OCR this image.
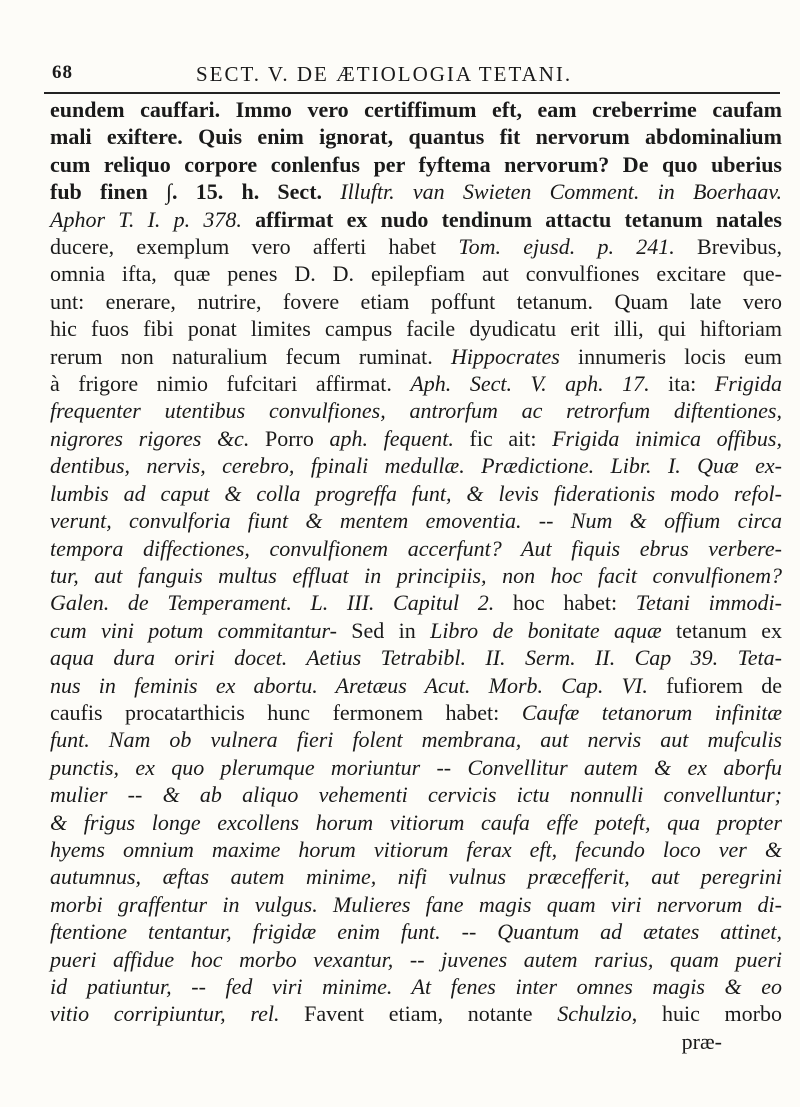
68	SECT. V. DE ÆTIOLOGIA TETANI.
eundem cauffari. Immo vero certiffimum eft, eam creberrime caufam
mali exiftere. Quis enim ignorat, quantus fit nervorum abdominalium
cum reliquo corpore conlenfus per fyftema nervorum? De quo uberius
fub finen ∫. 15. h. Sect. Illuftr. van Swieten Comment. in Boerhaav.
Aphor T. I. p. 378. affirmat ex nudo tendinum attactu tetanum natales
ducere, exemplum vero afferti habet Tom. ejusd. p. 241. Brevibus,
omnia ifta, quæ penes D. D. epilepfiam aut convulfiones excitare que-
unt: enerare, nutrire, fovere etiam poffunt tetanum. Quam late vero
hic fuos fibi ponat limites campus facile dyudicatu erit illi, qui hiftoriam
rerum non naturalium fecum ruminat. Hippocrates innumeris locis eum
à frigore nimio fufcitari affirmat. Aph. Sect. V. aph. 17. ita: Frigida
frequenter utentibus convulfiones, antrorfum ac retrorfum diftentiones,
nigrores rigores &c. Porro aph. fequent. fic ait: Frigida inimica offibus,
dentibus, nervis, cerebro, fpinali medullæ. Prædictione. Libr. I. Quæ ex-
lumbis ad caput & colla progreffa funt, & levis fiderationis modo refol-
verunt, convulforia fiunt & mentem emoventia. -- Num & offium circa
tempora diffectiones, convulfionem accerfunt? Aut fiquis ebrus verbere-
tur, aut fanguis multus effluat in principiis, non hoc facit convulfionem?
Galen. de Temperament. L. III. Capitul 2. hoc habet: Tetani immodi-
cum vini potum commitantur- Sed in Libro de bonitate aquæ tetanum ex
aqua dura oriri docet. Aetius Tetrabibl. II. Serm. II. Cap 39. Teta-
nus in feminis ex abortu. Aretæus Acut. Morb. Cap. VI. fufiorem de
caufis procatarthicis hunc fermonem habet: Caufæ tetanorum infinitæ
funt. Nam ob vulnera fieri folent membrana, aut nervis aut mufculis
punctis, ex quo plerumque moriuntur -- Convellitur autem & ex aborfu
mulier -- & ab aliquo vehementi cervicis ictu nonnulli convelluntur;
& frigus longe excollens horum vitiorum caufa effe poteft, qua propter
hyems omnium maxime horum vitiorum ferax eft, fecundo loco ver &
autumnus, æftas autem minime, nifi vulnus præcefferit, aut peregrini
morbi graffentur in vulgus. Mulieres fane magis quam viri nervorum di-
ftentione tentantur, frigidæ enim funt. -- Quantum ad ætates attinet,
pueri affidue hoc morbo vexantur, -- juvenes autem rarius, quam pueri
id patiuntur, -- fed viri minime. At fenes inter omnes magis & eo
vitio corripiuntur, rel. Favent etiam, notante Schulzio, huic morbo
præ-
